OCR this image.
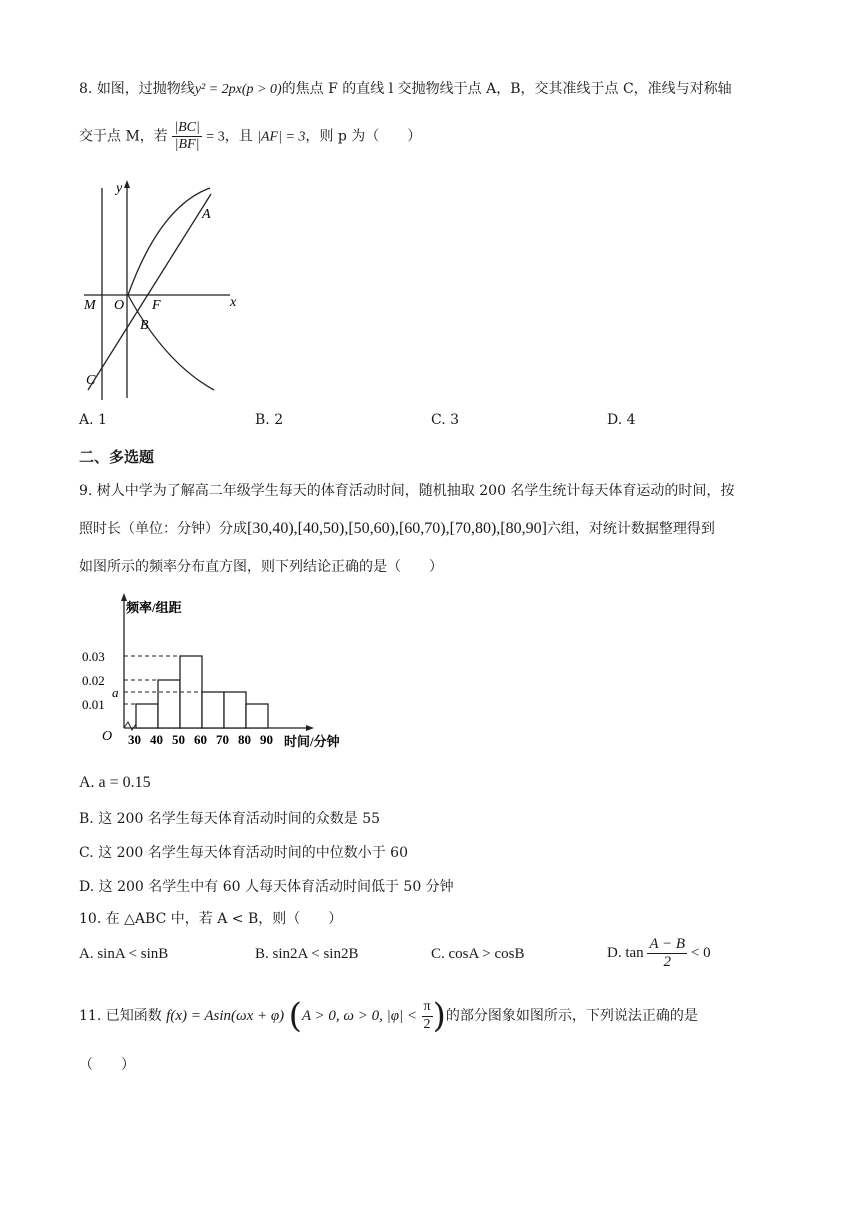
8. 如图，过抛物线y² = 2px(p > 0)的焦点 F 的直线 l 交抛物线于点 A，B，交其准线于点 C，准线与对称轴
交于点 M，若 $\frac{|BC|}{|BF|} = 3$，且 |AF| = 3，则 p 为（　　）
y
x
A
B
C
M O F
A. 1	B. 2	C. 3	D. 4
二、多选题
9. 树人中学为了解高二年级学生每天的体育活动时间，随机抽取 200 名学生统计每天体育运动的时间，按
照时长（单位：分钟）分成[30,40),[40,50),[50,60),[60,70),[70,80),[80,90]六组，对统计数据整理得到
如图所示的频率分布直方图，则下列结论正确的是（　　）
频率/组距
0.01
a
0.02
0.03
30 40 50 60 70 80 90 时间/分钟
O
A. a = 0.15
B. 这 200 名学生每天体育活动时间的众数是 55
C. 这 200 名学生每天体育活动时间的中位数小于 60
D. 这 200 名学生中有 60 人每天体育活动时间低于 50 分钟
10. 在 △ABC 中，若 A < B，则（　　）
A. sinA < sinB	B. sin2A < sin2B	C. cosA > cosB	D. $\tan \frac{A - B}{2} < 0$
11. 已知函数 f(x) = Asin(ωx + φ) (A > 0, ω > 0, $|\varphi| < \frac{\pi}{2}$ )的部分图象如图所示，下列说法正确的是
（　　）
